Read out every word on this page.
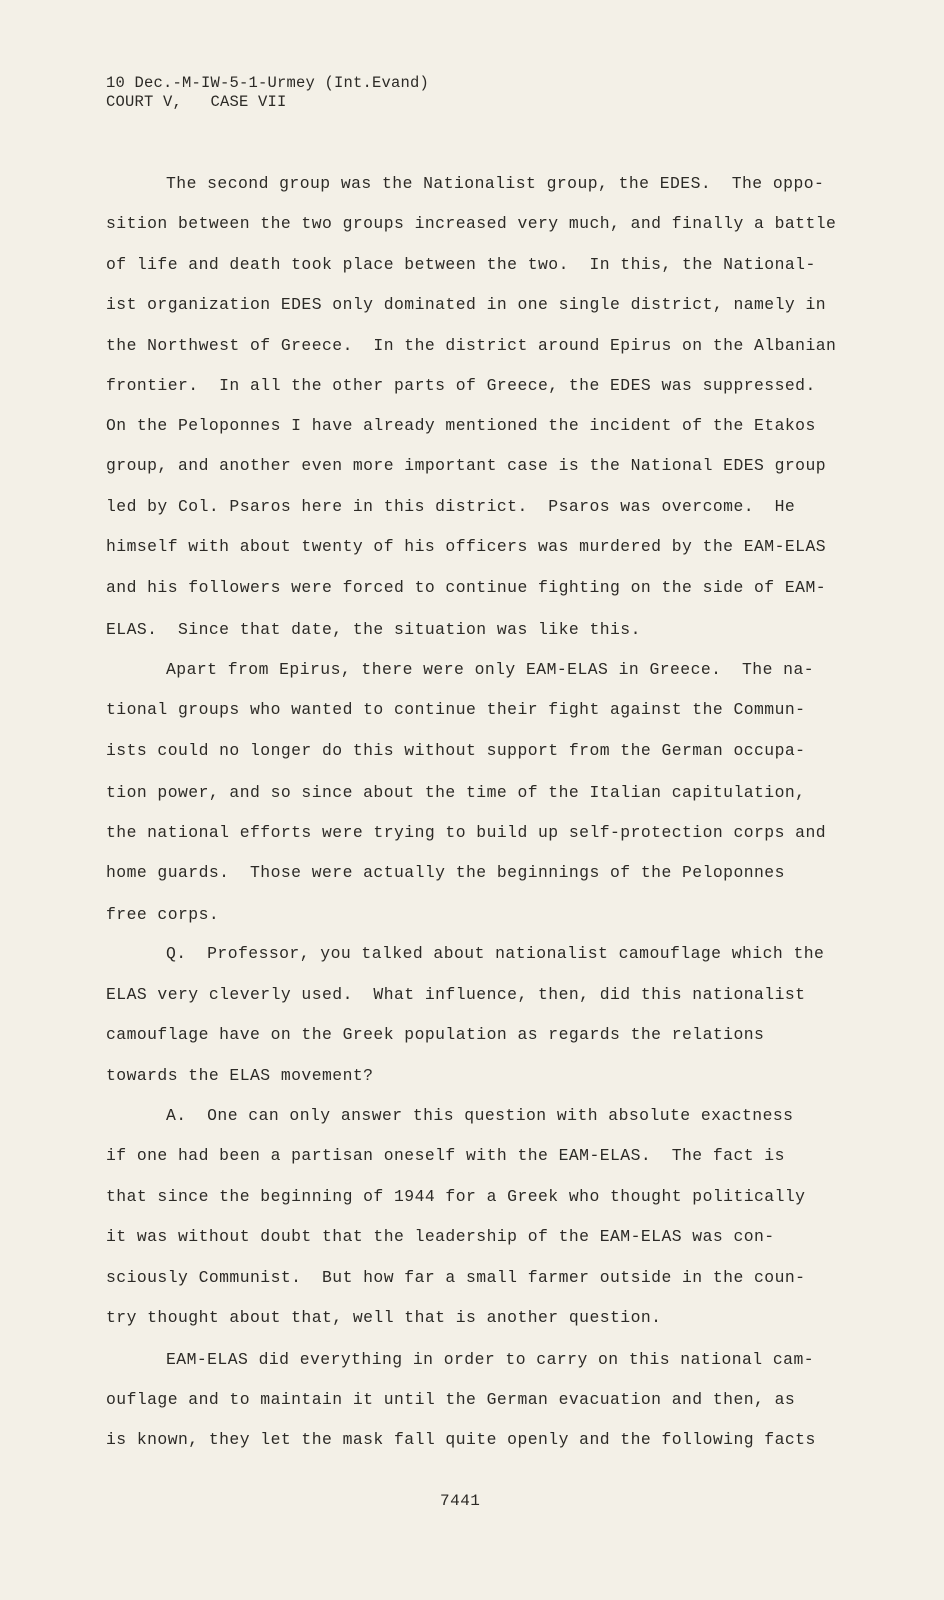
10 Dec.-M-IW-5-1-Urmey (Int.Evand)
COURT V,   CASE VII

The second group was the Nationalist group, the EDES.  The oppo-

sition between the two groups increased very much, and finally a battle

of life and death took place between the two.  In this, the National-

ist organization EDES only dominated in one single district, namely in

the Northwest of Greece.  In the district around Epirus on the Albanian

frontier.  In all the other parts of Greece, the EDES was suppressed.

On the Peloponnes I have already mentioned the incident of the Etakos

group, and another even more important case is the National EDES group

led by Col. Psaros here in this district.  Psaros was overcome.  He

himself with about twenty of his officers was murdered by the EAM-ELAS

and his followers were forced to continue fighting on the side of EAM-

ELAS.  Since that date, the situation was like this.

Apart from Epirus, there were only EAM-ELAS in Greece.  The na-

tional groups who wanted to continue their fight against the Commun-

ists could no longer do this without support from the German occupa-

tion power, and so since about the time of the Italian capitulation,

the national efforts were trying to build up self-protection corps and

home guards.  Those were actually the beginnings of the Peloponnes

free corps.

Q.  Professor, you talked about nationalist camouflage which the

ELAS very cleverly used.  What influence, then, did this nationalist

camouflage have on the Greek population as regards the relations

towards the ELAS movement?

A.  One can only answer this question with absolute exactness

if one had been a partisan oneself with the EAM-ELAS.  The fact is

that since the beginning of 1944 for a Greek who thought politically

it was without doubt that the leadership of the EAM-ELAS was con-

sciously Communist.  But how far a small farmer outside in the coun-

try thought about that, well that is another question.

EAM-ELAS did everything in order to carry on this national cam-

ouflage and to maintain it until the German evacuation and then, as

is known, they let the mask fall quite openly and the following facts

7441
